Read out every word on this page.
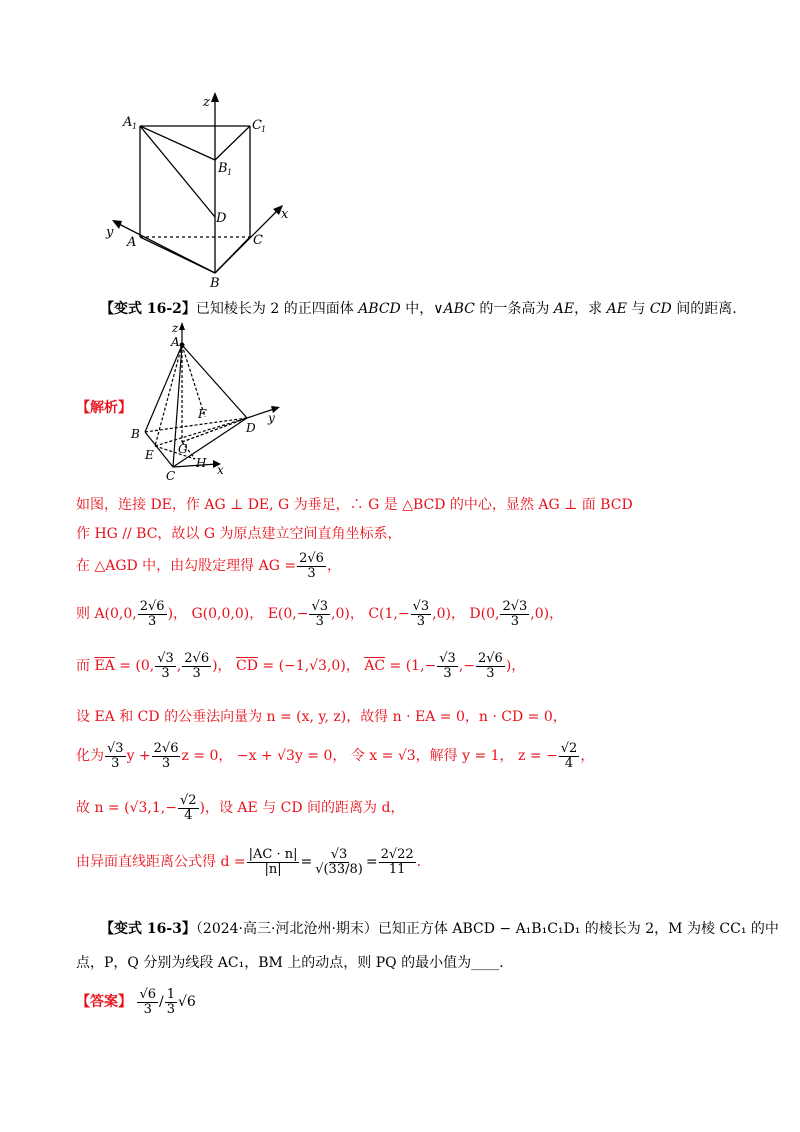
z
A 1	C 1
B 1
D	x
y
A	C
B
【变式 16-2】已知棱长为 2 的正四面体 ABCD 中，∨ABC 的一条高为 AE，求 AE 与 CD 间的距离.
z
A
F
B	D
y
G
E
H
C	x
【解析】
如图，连接 DE，作 AG ⊥ DE, G 为垂足，∴ G 是 △BCD 的中心，显然 AG ⊥ 面 BCD
作 HG // BC，故以 G 为原点建立空间直角坐标系，
在 △AGD 中，由勾股定理得 AG = $\frac{2√6}{3}$ ，
则 A(0,0, $\frac{2√6}{3}$ )， G(0,0,0)， $E(0,- \frac{√3}{3} ,0)$， $C(1,- \frac{√3}{3} ,0)$， D(0, $\frac{2√3}{3} ,0$)，
而 $\overline{EA} = (0$, $\frac{√3}{3}$ , $\frac{2√6}{3}$ )， $\overline{CD} = (-1,√3,0)$， $\overline{AC} = (1,- \frac{√3}{3}$ ,− $\frac{2√6}{3}$ )，
设 EA 和 CD 的公垂法向量为 n = (x, y, z)，故得 n · EA = 0，n · CD = 0，
化为 $\frac{√3}{3}$ $y + \frac{2√6}{3}$ z = 0， −x + √3y = 0， 令 x = √3，解得 y = 1， z = − $\frac{√2}{4}$ ，
故 $n = (√3,1,- \frac{√2}{4}$ )，设 AE 与 CD 间的距离为 d，
由异面直线距离公式得 $d = \frac{|AC \cdot n|}{|n|} = \frac{√3}{√(33/8)} = \frac{2√22}{11}$ .
【变式 16-3】（2024·高三·河北沧州·期末）已知正方体 ABCD − A₁B₁C₁D₁ 的棱长为 2，M 为棱 CC₁ 的中
点，P，Q 分别为线段 AC₁，BM 上的动点，则 PQ 的最小值为____.
【答案】 $\frac{√6}{3} / \frac{1}{3} √6$
